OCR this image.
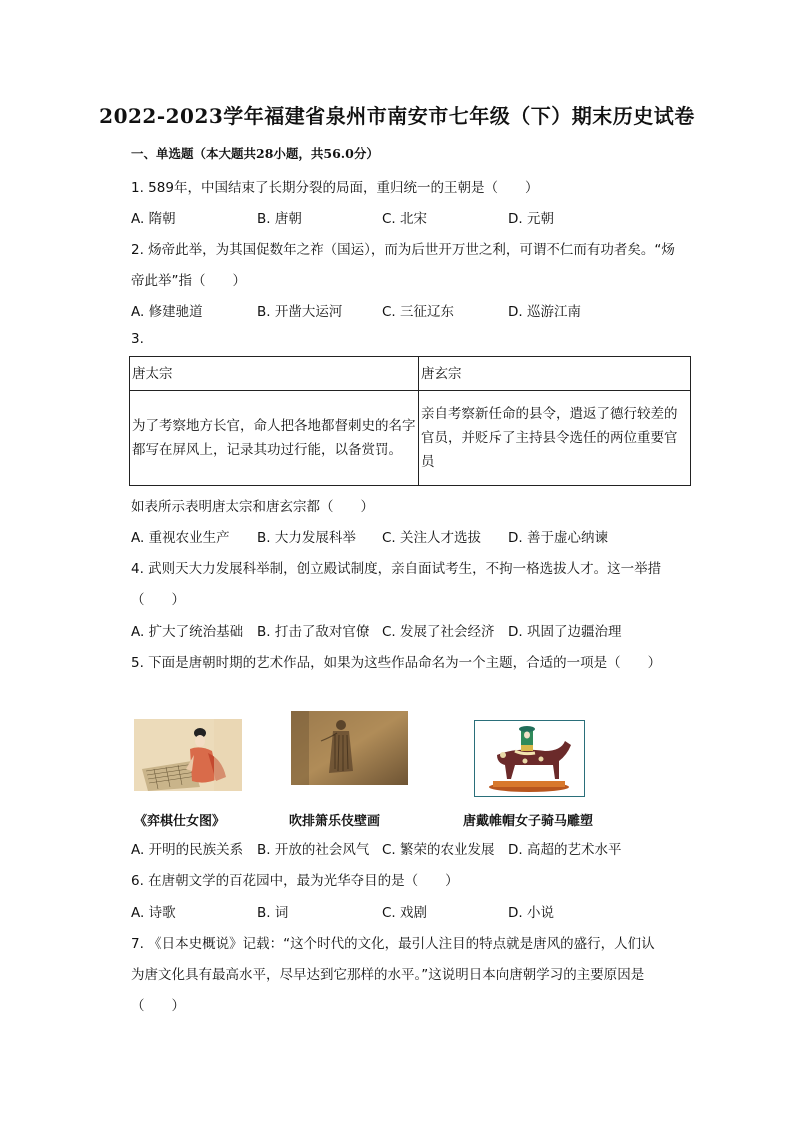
2022-2023学年福建省泉州市南安市七年级（下）期末历史试卷
一、单选题（本大题共28小题，共56.0分）
1. 589年，中国结束了长期分裂的局面，重归统一的王朝是（　　）
A. 隋朝	B. 唐朝	C. 北宋	D. 元朝
2. 炀帝此举，为其国促数年之祚（国运），而为后世开万世之利，可谓不仁而有功者矣。“炀
帝此举”指（　　）
A. 修建驰道	B. 开凿大运河	C. 三征辽东	D. 巡游江南
3.
唐太宗	唐玄宗
为了考察地方长官，命人把各地都督刺史的名字都写在屏风上，记录其功过行能，以备赏罚。	亲自考察新任命的县令，遣返了德行较差的官员，并贬斥了主持县令选任的两位重要官员
如表所示表明唐太宗和唐玄宗都（　　）
A. 重视农业生产 B. 大力发展科举 C. 关注人才选拔 D. 善于虚心纳谏
4. 武则天大力发展科举制，创立殿试制度，亲自面试考生，不拘一格选拔人才。这一举措
（　　）
A. 扩大了统治基础 B. 打击了敌对官僚 C. 发展了社会经济 D. 巩固了边疆治理
5. 下面是唐朝时期的艺术作品，如果为这些作品命名为一个主题，合适的一项是（　　）
《弈棋仕女图》	吹排箫乐伎壁画	唐戴帷帽女子骑马雕塑
A. 开明的民族关系 B. 开放的社会风气 C. 繁荣的农业发展 D. 高超的艺术水平
6. 在唐朝文学的百花园中，最为光华夺目的是（　　）
A. 诗歌	B. 词	C. 戏剧	D. 小说
7. 《日本史概说》记载：“这个时代的文化，最引人注目的特点就是唐风的盛行，人们认
为唐文化具有最高水平，尽早达到它那样的水平。”这说明日本向唐朝学习的主要原因是
（　　）
